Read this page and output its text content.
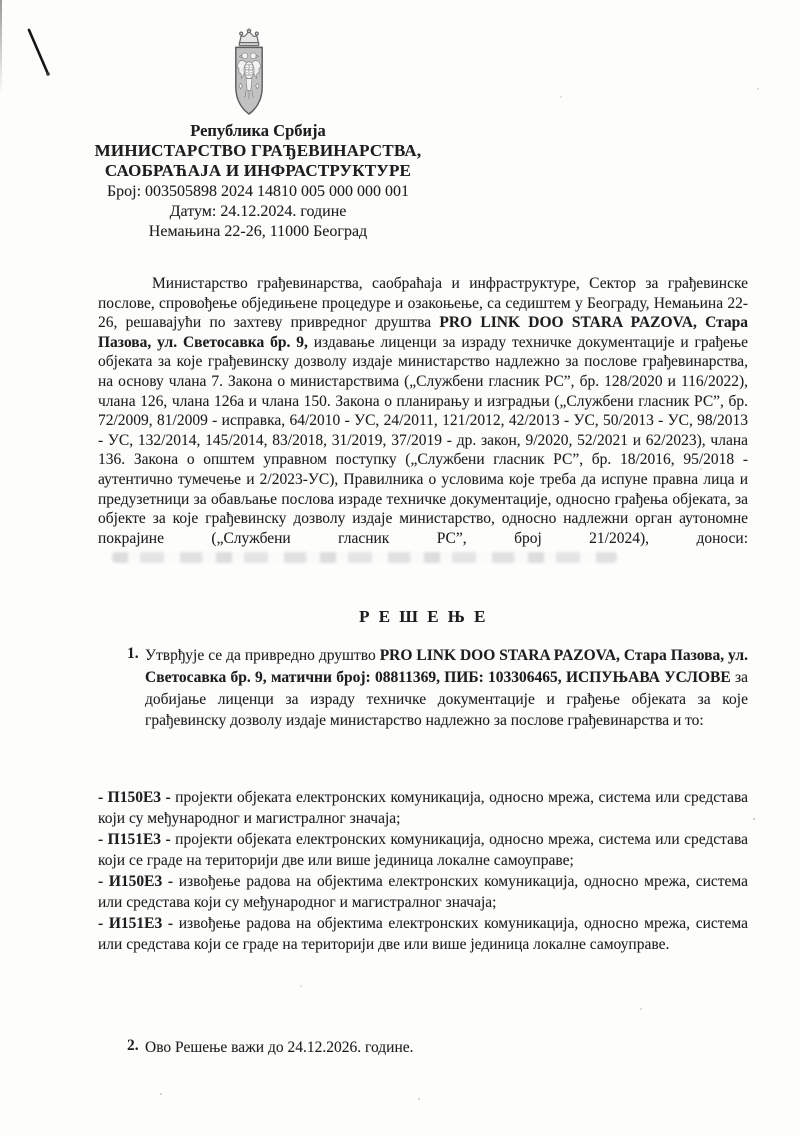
Република Србија
МИНИСТАРСТВО ГРАЂЕВИНАРСТВА,
САОБРАЋАЈА И ИНФРАСТРУКТУРЕ
Број: 003505898 2024 14810 005 000 000 001
Датум: 24.12.2024. године
Немањина 22-26, 11000 Београд
Министарство грађевинарства, саобраћаја и инфраструктуре, Сектор за грађевинске послове, спровођење обједињене процедуре и озакоњење, са седиштем у Београду, Немањина 22-26, решавајући по захтеву привредног друштва PRO LINK DOO STARA PAZOVA, Стара Пазова, ул. Светосавка бр. 9, издавање лиценци за израду техничке документације и грађење објеката за које грађевинску дозволу издаје министарство надлежно за послове грађевинарства, на основу члана 7. Закона о министарствима („Службени гласник РС”, бр. 128/2020 и 116/2022), члана 126, члана 126а и члана 150. Закона о планирању и изградњи („Службени гласник РС”, бр. 72/2009, 81/2009 - исправка, 64/2010 - УС, 24/2011, 121/2012, 42/2013 - УС, 50/2013 - УС, 98/2013 - УС, 132/2014, 145/2014, 83/2018, 31/2019, 37/2019 - др. закон, 9/2020, 52/2021 и 62/2023), члана 136. Закона о општем управном поступку („Службени гласник РС”, бр. 18/2016, 95/2018 - аутентично тумечење и 2/2023-УС), Правилника о условима које треба да испуне правна лица и предузетници за обављање послова израде техничке документације, односно грађења објеката, за објекте за које грађевинску дозволу издаје министарство, односно надлежни орган аутономне покрајине („Службени гласник РС”, број 21/2024), доноси:
Р Е Ш Е Њ Е
1. Утврђује се да привредно друштво PRO LINK DOO STARA PAZOVA, Стара Пазова, ул. Светосавка бр. 9, матични број: 08811369, ПИБ: 103306465, ИСПУЊАВА УСЛОВЕ за добијање лиценци за израду техничке документације и грађење објеката за које грађевинску дозволу издаје министарство надлежно за послове грађевинарства и то:

- П150Е3 - пројекти објеката електронских комуникација, односно мрежа, система или средстава који су међународног и магистралног значаја;

- П151Е3 - пројекти објеката електронских комуникација, односно мрежа, система или средстава који се граде на територији две или више јединица локалне самоуправе;

- И150Е3 - извођење радова на објектима електронских комуникација, односно мрежа, система или средстава који су међународног и магистралног значаја;

- И151Е3 - извођење радова на објектима електронских комуникација, односно мрежа, система или средстава који се граде на територији две или више јединица локалне самоуправе.

2. Ово Решење важи до 24.12.2026. године.
